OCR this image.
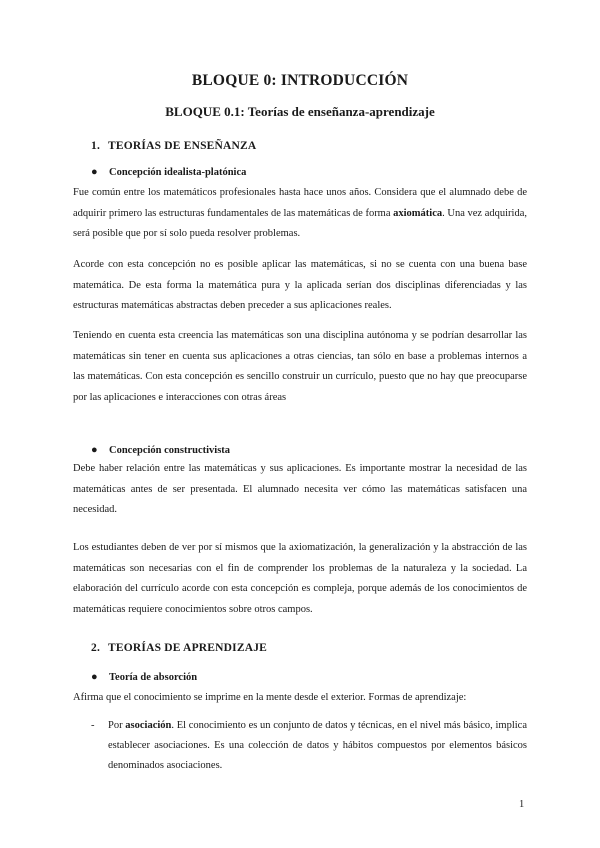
BLOQUE 0: INTRODUCCIÓN
BLOQUE 0.1: Teorías de enseñanza-aprendizaje
1. TEORÍAS DE ENSEÑANZA
● Concepción idealista-platónica
Fue común entre los matemáticos profesionales hasta hace unos años. Considera que el alumnado debe de adquirir primero las estructuras fundamentales de las matemáticas de forma axiomática. Una vez adquirida, será posible que por sí solo pueda resolver problemas.
Acorde con esta concepción no es posible aplicar las matemáticas, si no se cuenta con una buena base matemática. De esta forma la matemática pura y la aplicada serían dos disciplinas diferenciadas y las estructuras matemáticas abstractas deben preceder a sus aplicaciones reales.
Teniendo en cuenta esta creencia las matemáticas son una disciplina autónoma y se podrían desarrollar las matemáticas sin tener en cuenta sus aplicaciones a otras ciencias, tan sólo en base a problemas internos a las matemáticas. Con esta concepción es sencillo construir un currículo, puesto que no hay que preocuparse por las aplicaciones e interacciones con otras áreas
● Concepción constructivista
Debe haber relación entre las matemáticas y sus aplicaciones. Es importante mostrar la necesidad de las matemáticas antes de ser presentada. El alumnado necesita ver cómo las matemáticas satisfacen una necesidad.
Los estudiantes deben de ver por sí mismos que la axiomatización, la generalización y la abstracción de las matemáticas son necesarias con el fin de comprender los problemas de la naturaleza y la sociedad. La elaboración del currículo acorde con esta concepción es compleja, porque además de los conocimientos de matemáticas requiere conocimientos sobre otros campos.
2. TEORÍAS DE APRENDIZAJE
● Teoría de absorción
Afirma que el conocimiento se imprime en la mente desde el exterior. Formas de aprendizaje:
- Por asociación. El conocimiento es un conjunto de datos y técnicas, en el nivel más básico, implica establecer asociaciones. Es una colección de datos y hábitos compuestos por elementos básicos denominados asociaciones.
1
